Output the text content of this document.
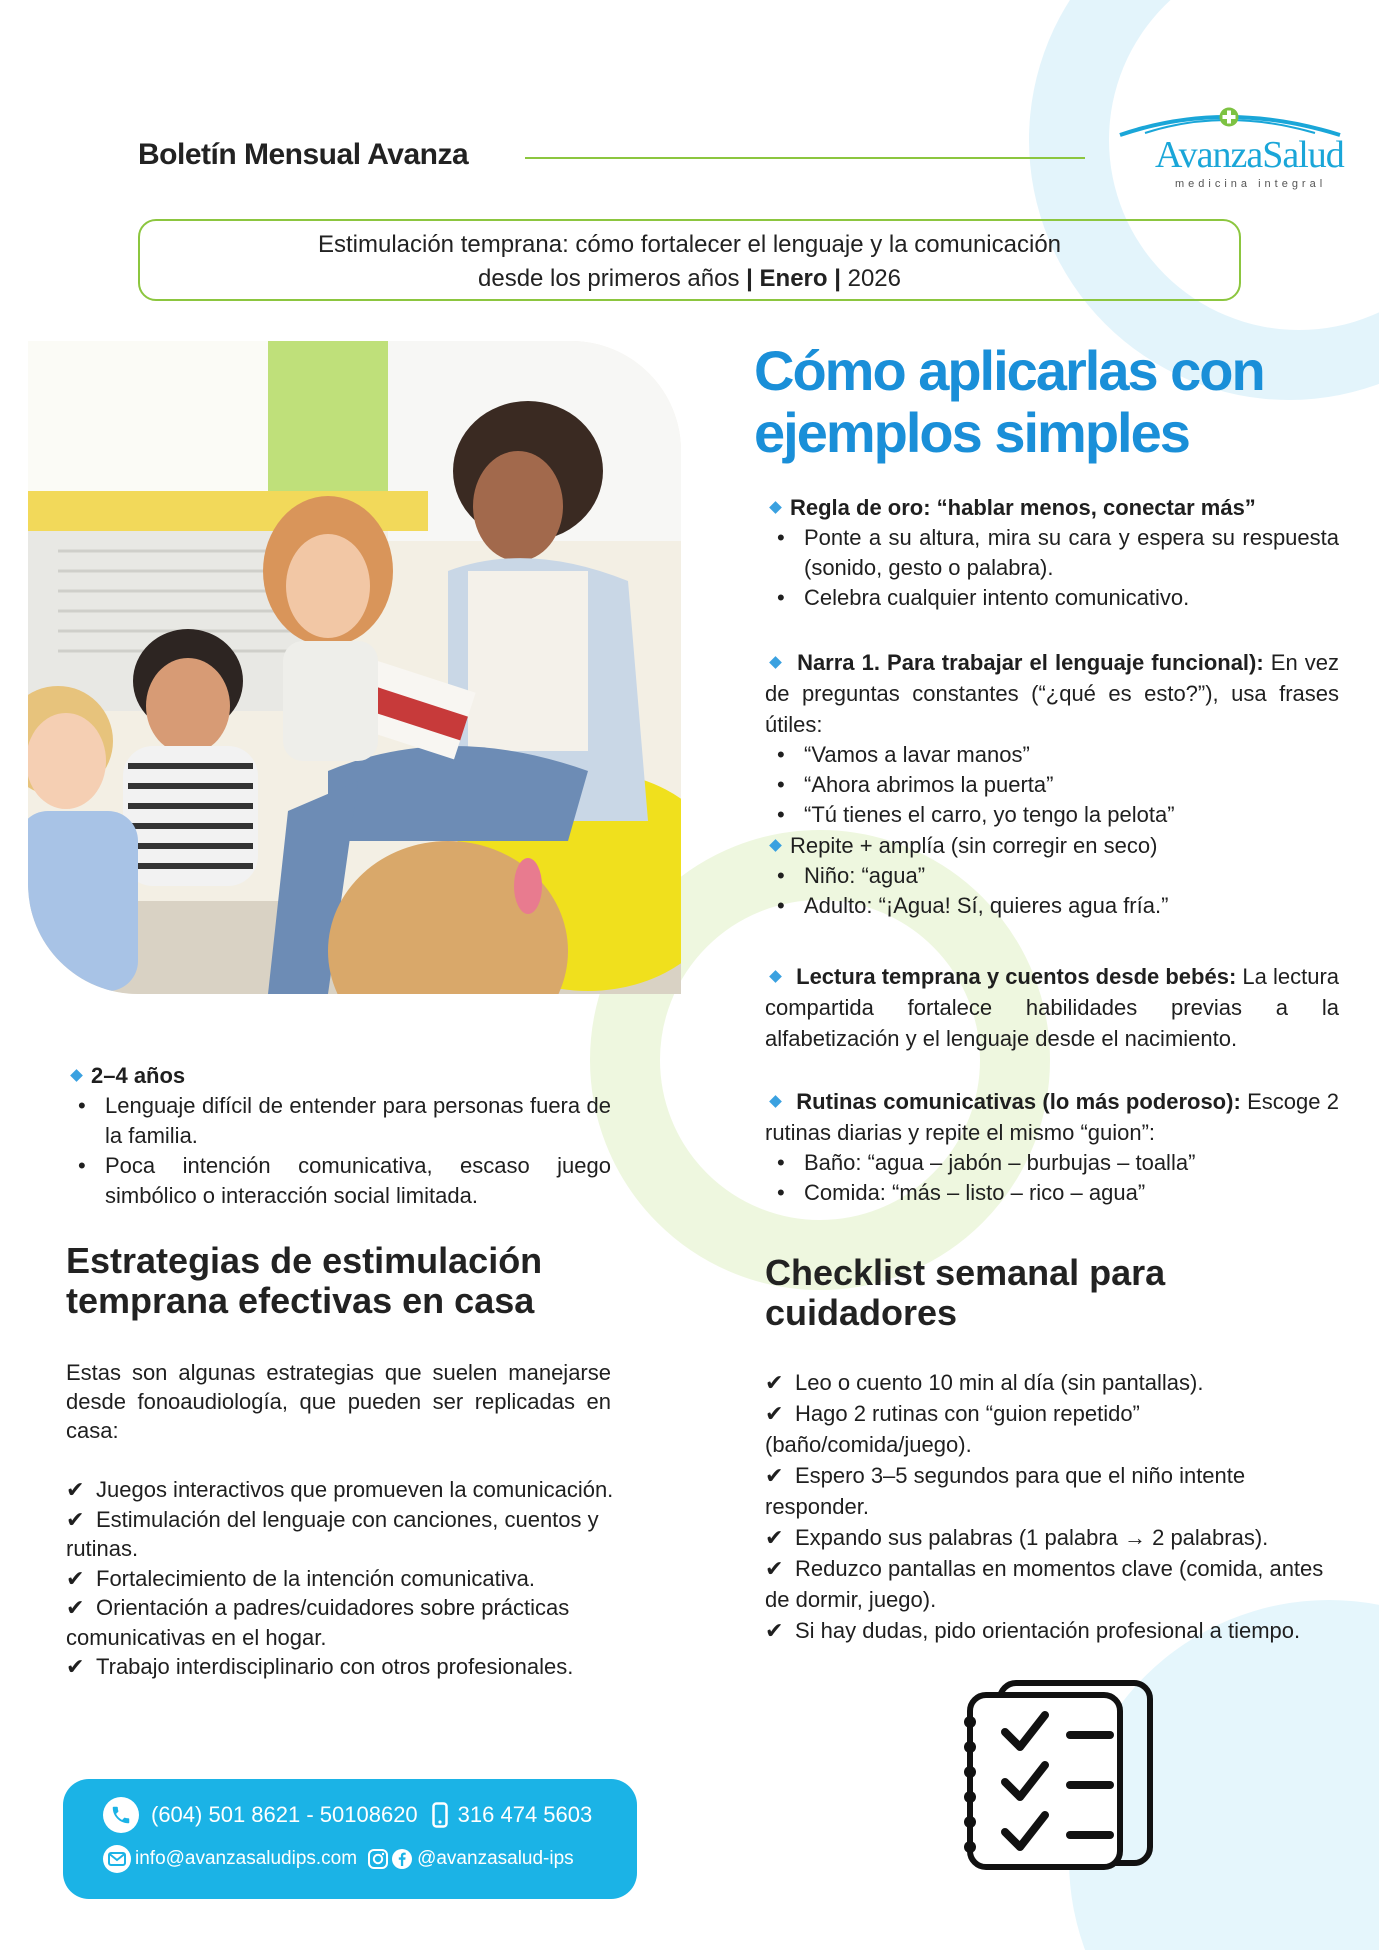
Boletín Mensual Avanza	AvanzaSalud
medicina integral
Estimulación temprana: cómo fortalecer el lenguaje y la comunicación
desde los primeros años | Enero | 2026
2–4 años
• Lenguaje difícil de entender para personas fuera de la familia.
• Poca intención comunicativa, escaso juego simbólico o interacción social limitada.
Estrategias de estimulación
temprana efectivas en casa
Estas son algunas estrategias que suelen manejarse desde fonoaudiología, que pueden ser replicadas en casa:
✔ Juegos interactivos que promueven la comunicación.
✔ Estimulación del lenguaje con canciones, cuentos y rutinas.
✔ Fortalecimiento de la intención comunicativa.
✔ Orientación a padres/cuidadores sobre prácticas comunicativas en el hogar.
✔ Trabajo interdisciplinario con otros profesionales.
Cómo aplicarlas con
ejemplos simples
Regla de oro: “hablar menos, conectar más”
• Ponte a su altura, mira su cara y espera su respuesta (sonido, gesto o palabra).
• Celebra cualquier intento comunicativo.
Narra 1. Para trabajar el lenguaje funcional): En vez de preguntas constantes (“¿qué es esto?”), usa frases útiles:
• “Vamos a lavar manos”
• “Ahora abrimos la puerta”
• “Tú tienes el carro, yo tengo la pelota”
Repite + amplía (sin corregir en seco)
• Niño: “agua”
• Adulto: “¡Agua! Sí, quieres agua fría.”
Lectura temprana y cuentos desde bebés: La lectura compartida fortalece habilidades previas a la alfabetización y el lenguaje desde el nacimiento.
Rutinas comunicativas (lo más poderoso): Escoge 2 rutinas diarias y repite el mismo “guion”:
• Baño: “agua – jabón – burbujas – toalla”
• Comida: “más – listo – rico – agua”
Checklist semanal para
cuidadores
✔ Leo o cuento 10 min al día (sin pantallas).
✔ Hago 2 rutinas con “guion repetido” (baño/comida/juego).
✔ Espero 3–5 segundos para que el niño intente responder.
✔ Expando sus palabras (1 palabra → 2 palabras).
✔ Reduzco pantallas en momentos clave (comida, antes de dormir, juego).
✔ Si hay dudas, pido orientación profesional a tiempo.
(604) 501 8621 - 50108620 316 474 5603
info@avanzasaludips.com	@avanzasalud-ips
